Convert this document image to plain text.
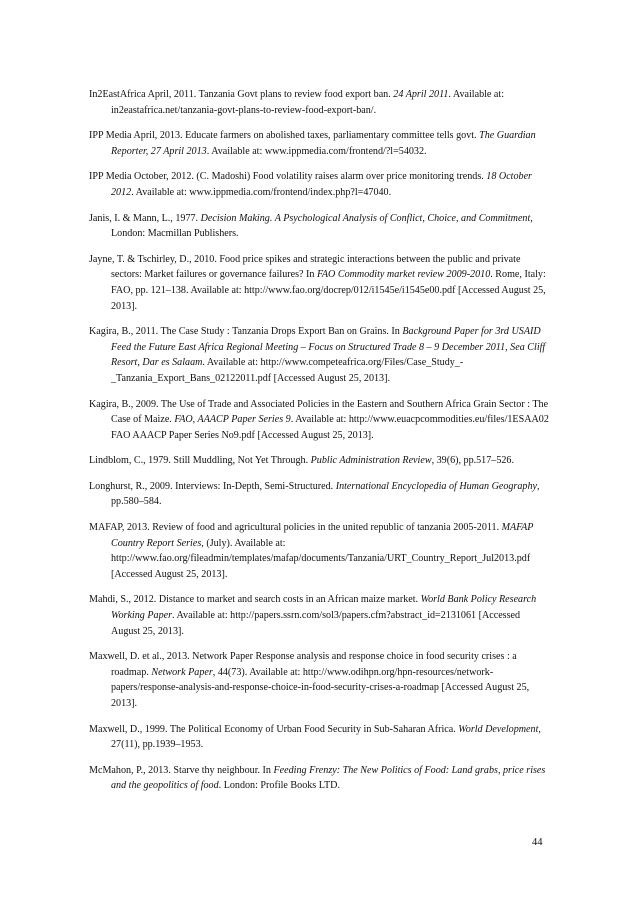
In2EastAfrica April, 2011. Tanzania Govt plans to review food export ban. 24 April 2011. Available at: in2eastafrica.net/tanzania-govt-plans-to-review-food-export-ban/.

IPP Media April, 2013. Educate farmers on abolished taxes, parliamentary committee tells govt. The Guardian Reporter, 27 April 2013. Available at: www.ippmedia.com/frontend/?l=54032.

IPP Media October, 2012. (C. Madoshi) Food volatility raises alarm over price monitoring trends. 18 October 2012. Available at: www.ippmedia.com/frontend/index.php?l=47040.

Janis, I. & Mann, L., 1977. Decision Making. A Psychological Analysis of Conflict, Choice, and Commitment, London: Macmillan Publishers.

Jayne, T. & Tschirley, D., 2010. Food price spikes and strategic interactions between the public and private sectors: Market failures or governance failures? In FAO Commodity market review 2009-2010. Rome, Italy: FAO, pp. 121–138. Available at: http://www.fao.org/docrep/012/i1545e/i1545e00.pdf [Accessed August 25, 2013].

Kagira, B., 2011. The Case Study : Tanzania Drops Export Ban on Grains. In Background Paper for 3rd USAID Feed the Future East Africa Regional Meeting – Focus on Structured Trade 8 – 9 December 2011, Sea Cliff Resort, Dar es Salaam. Available at: http://www.competeafrica.org/Files/Case_Study_-_Tanzania_Export_Bans_02122011.pdf [Accessed August 25, 2013].

Kagira, B., 2009. The Use of Trade and Associated Policies in the Eastern and Southern Africa Grain Sector : The Case of Maize. FAO, AAACP Paper Series 9. Available at: http://www.euacpcommodities.eu/files/1ESAA02 FAO AAACP Paper Series No9.pdf [Accessed August 25, 2013].

Lindblom, C., 1979. Still Muddling, Not Yet Through. Public Administration Review, 39(6), pp.517–526.

Longhurst, R., 2009. Interviews: In-Depth, Semi-Structured. International Encyclopedia of Human Geography, pp.580–584.

MAFAP, 2013. Review of food and agricultural policies in the united republic of tanzania 2005-2011. MAFAP Country Report Series, (July). Available at: http://www.fao.org/fileadmin/templates/mafap/documents/Tanzania/URT_Country_Report_Jul2013.pdf [Accessed August 25, 2013].

Mahdi, S., 2012. Distance to market and search costs in an African maize market. World Bank Policy Research Working Paper. Available at: http://papers.ssrn.com/sol3/papers.cfm?abstract_id=2131061 [Accessed August 25, 2013].

Maxwell, D. et al., 2013. Network Paper Response analysis and response choice in food security crises : a roadmap. Network Paper, 44(73). Available at: http://www.odihpn.org/hpn-resources/network-papers/response-analysis-and-response-choice-in-food-security-crises-a-roadmap [Accessed August 25, 2013].

Maxwell, D., 1999. The Political Economy of Urban Food Security in Sub-Saharan Africa. World Development, 27(11), pp.1939–1953.

McMahon, P., 2013. Starve thy neighbour. In Feeding Frenzy: The New Politics of Food: Land grabs, price rises and the geopolitics of food. London: Profile Books LTD.

44
